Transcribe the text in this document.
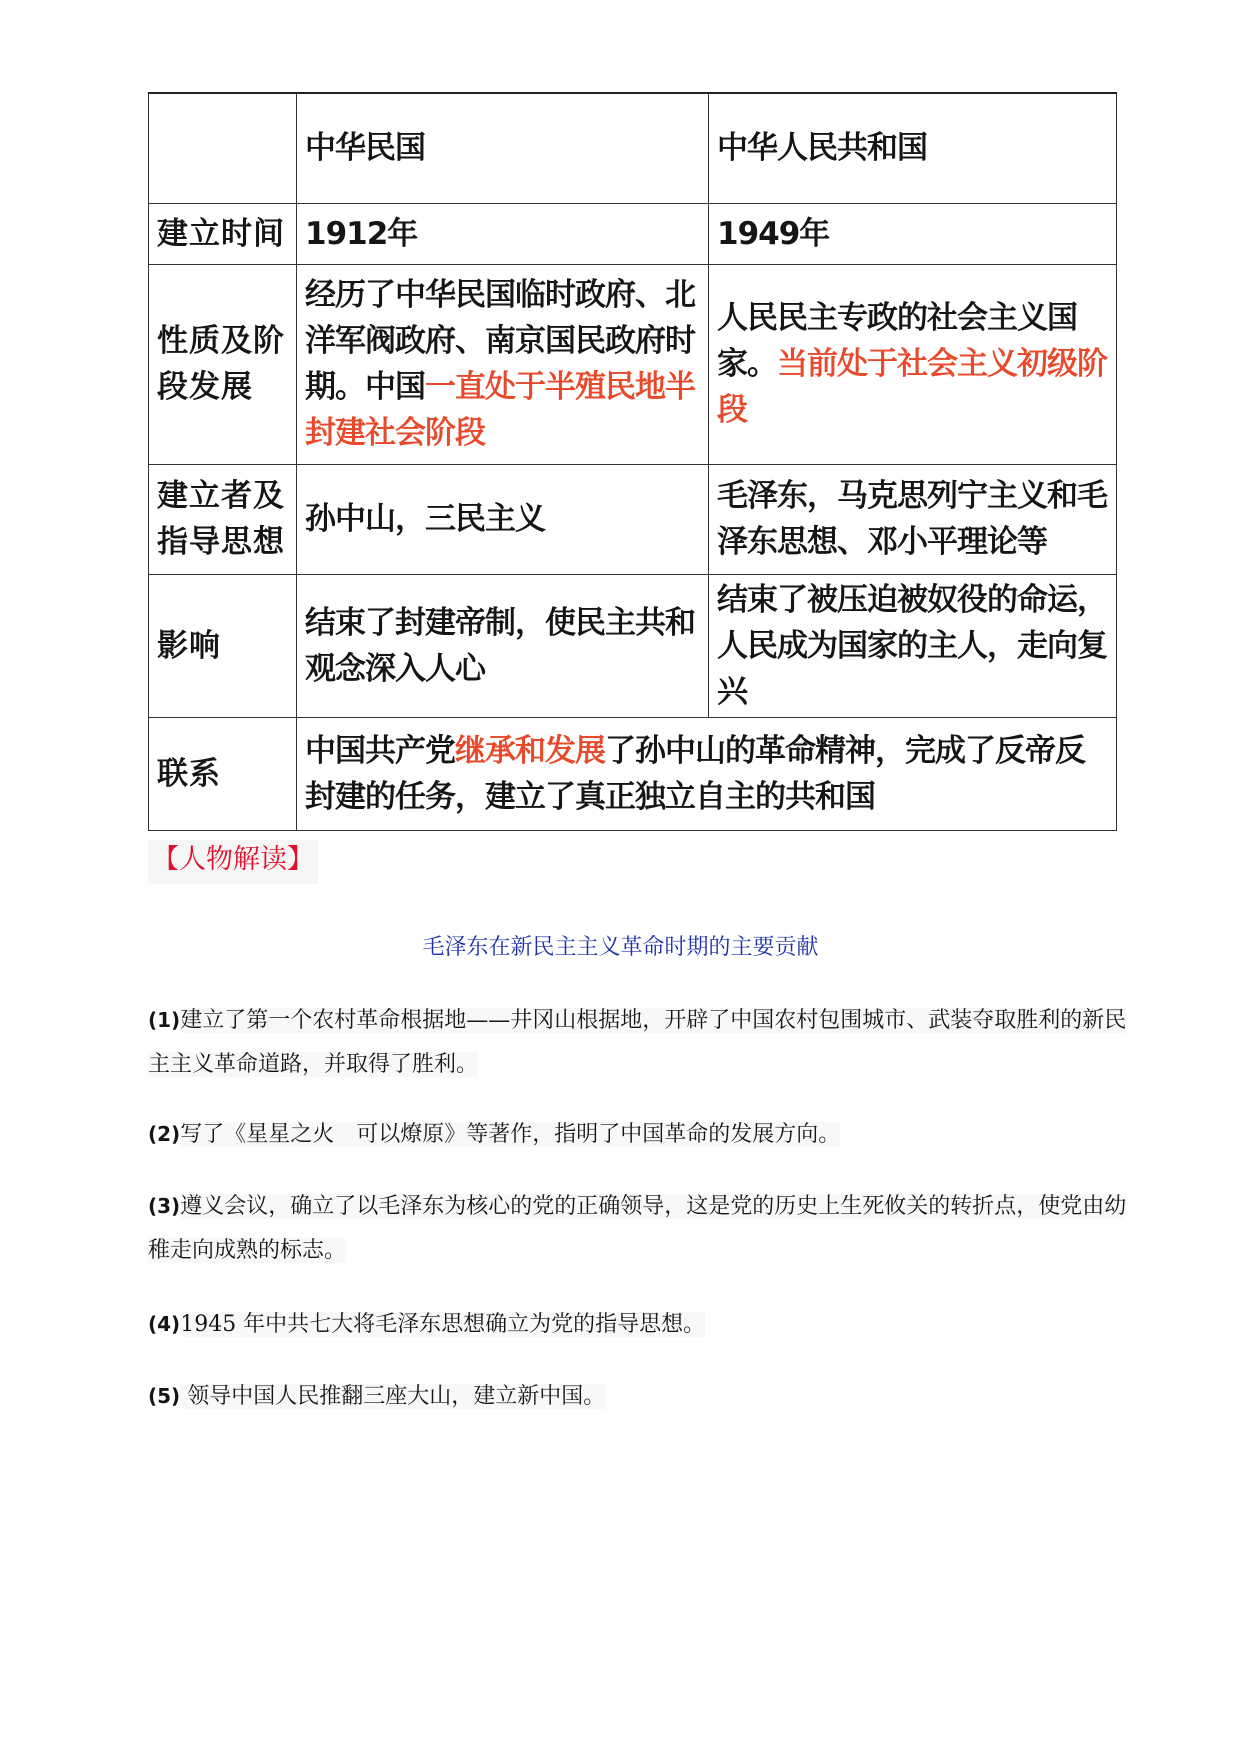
	中华民国	中华人民共和国
建立时间	1912年	1949年
性质及阶段发展	经历了中华民国临时政府、北洋军阀政府、南京国民政府时期。中国一直处于半殖民地半封建社会阶段	人民民主专政的社会主义国家。当前处于社会主义初级阶段
建立者及指导思想	孙中山，三民主义	毛泽东，马克思列宁主义和毛泽东思想、邓小平理论等
影响	结束了封建帝制，使民主共和观念深入人心	结束了被压迫被奴役的命运，人民成为国家的主人，走向复兴
联系	中国共产党继承和发展了孙中山的革命精神，完成了反帝反封建的任务，建立了真正独立自主的共和国	
【人物解读】
毛泽东在新民主主义革命时期的主要贡献
(1)建立了第一个农村革命根据地——井冈山根据地，开辟了中国农村包围城市、武装夺取胜利的新民主主义革命道路，并取得了胜利。
(2)写了《星星之火　可以燎原》等著作，指明了中国革命的发展方向。
(3)遵义会议，确立了以毛泽东为核心的党的正确领导，这是党的历史上生死攸关的转折点，使党由幼稚走向成熟的标志。
(4)1945 年中共七大将毛泽东思想确立为党的指导思想。
(5) 领导中国人民推翻三座大山，建立新中国。
